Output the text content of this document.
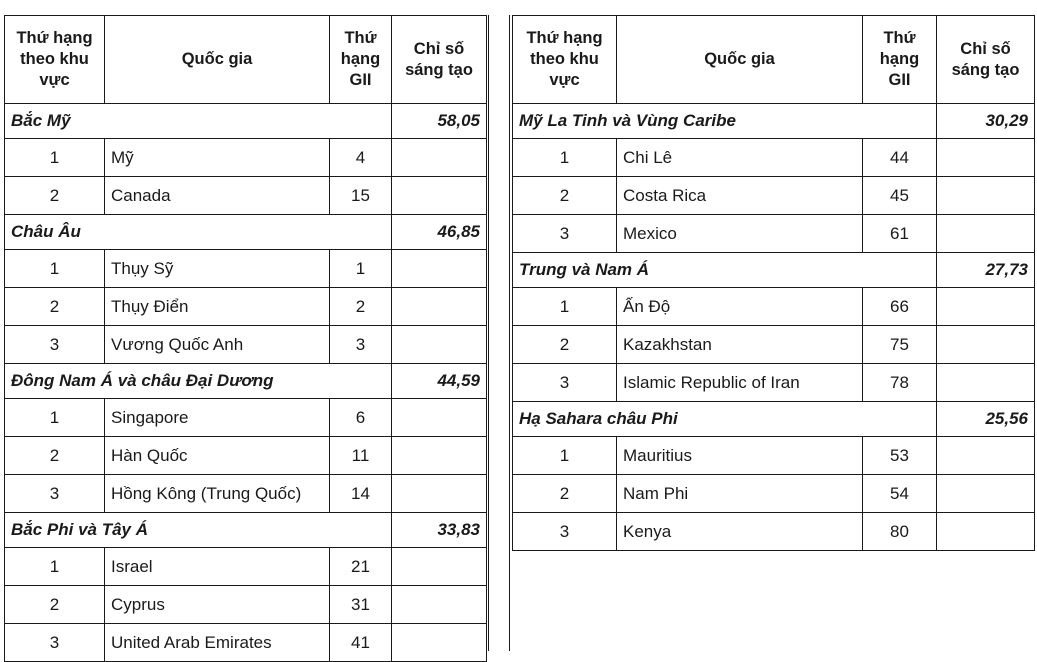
Thứ hạng theo khu vực	Quốc gia	Thứ hạng GII	Chỉ số sáng tạo
Bắc Mỹ			58,05
1	Mỹ	4	
2	Canada	15	
Châu Âu			46,85
1	Thụy Sỹ	1	
2	Thụy Điển	2	
3	Vương Quốc Anh	3	
Đông Nam Á và châu Đại Dương			44,59
1	Singapore	6	
2	Hàn Quốc	11	
3	Hồng Kông (Trung Quốc)	14	
Bắc Phi và Tây Á			33,83
1	Israel	21	
2	Cyprus	31	
3	United Arab Emirates	41	
Thứ hạng theo khu vực	Quốc gia	Thứ hạng GII	Chỉ số sáng tạo
Mỹ La Tinh và Vùng Caribe			30,29
1	Chi Lê	44	
2	Costa Rica	45	
3	Mexico	61	
Trung và Nam Á			27,73
1	Ấn Độ	66	
2	Kazakhstan	75	
3	Islamic Republic of Iran	78	
Hạ Sahara châu Phi			25,56
1	Mauritius	53	
2	Nam Phi	54	
3	Kenya	80	
